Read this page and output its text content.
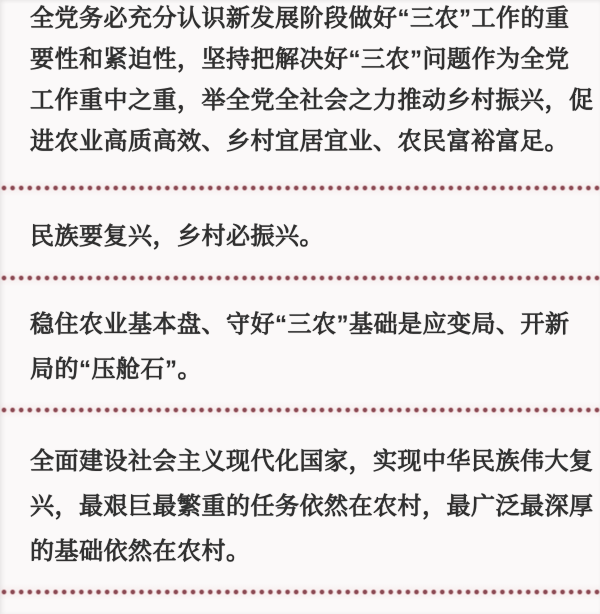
全党务必充分认识新发展阶段做好“三农”工作的重
要性和紧迫性，坚持把解决好“三农”问题作为全党
工作重中之重，举全党全社会之力推动乡村振兴，促
进农业高质高效、乡村宜居宜业、农民富裕富足。
民族要复兴，乡村必振兴。
稳住农业基本盘、守好“三农”基础是应变局、开新
局的“压舱石”。
全面建设社会主义现代化国家，实现中华民族伟大复
兴，最艰巨最繁重的任务依然在农村，最广泛最深厚
的基础依然在农村。
